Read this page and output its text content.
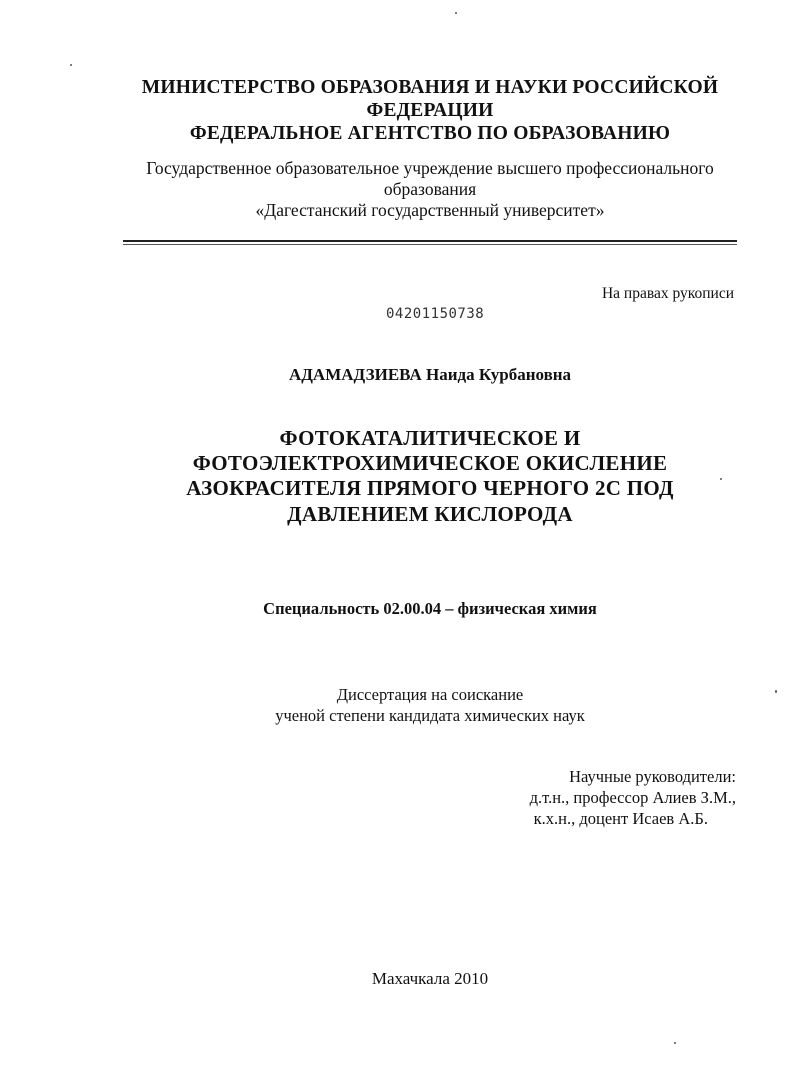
МИНИСТЕРСТВО ОБРАЗОВАНИЯ И НАУКИ РОССИЙСКОЙ
ФЕДЕРАЦИИ
ФЕДЕРАЛЬНОЕ АГЕНТСТВО ПО ОБРАЗОВАНИЮ
Государственное образовательное учреждение высшего профессионального
образования
«Дагестанский государственный университет»
На правах рукописи
04201150738
АДАМАДЗИЕВА Наида Курбановна
ФОТОКАТАЛИТИЧЕСКОЕ И
ФОТОЭЛЕКТРОХИМИЧЕСКОЕ ОКИСЛЕНИЕ
АЗОКРАСИТЕЛЯ ПРЯМОГО ЧЕРНОГО 2С ПОД
ДАВЛЕНИЕМ КИСЛОРОДА
Специальность 02.00.04 – физическая химия
Диссертация на соискание
ученой степени кандидата химических наук
Научные руководители:
д.т.н., профессор Алиев З.М.,
к.х.н., доцент Исаев А.Б.
Махачкала 2010
